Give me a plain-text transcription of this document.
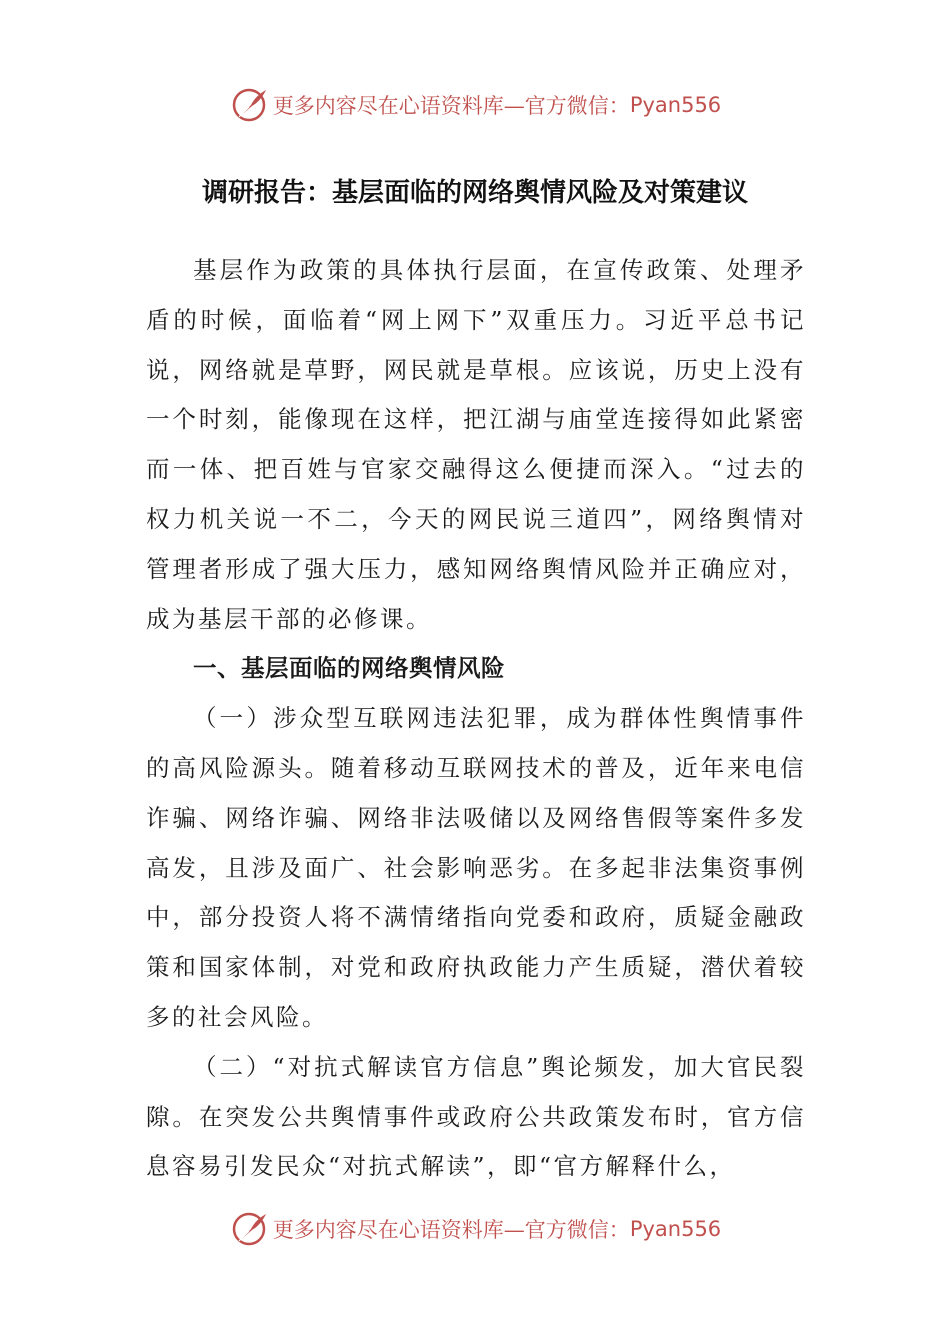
更多内容尽在心语资料库—官方微信： Pyan556
调研报告：基层面临的网络舆情风险及对策建议

基层作为政策的具体执行层面，在宣传政策、处理矛盾的时候，面临着“网上网下”双重压力。习近平总书记说，网络就是草野，网民就是草根。应该说，历史上没有一个时刻，能像现在这样，把江湖与庙堂连接得如此紧密而一体、把百姓与官家交融得这么便捷而深入。“过去的权力机关说一不二，今天的网民说三道四”，网络舆情对管理者形成了强大压力，感知网络舆情风险并正确应对，成为基层干部的必修课。

一、基层面临的网络舆情风险

（一）涉众型互联网违法犯罪，成为群体性舆情事件的高风险源头。随着移动互联网技术的普及，近年来电信诈骗、网络诈骗、网络非法吸储以及网络售假等案件多发高发，且涉及面广、社会影响恶劣。在多起非法集资事例中，部分投资人将不满情绪指向党委和政府，质疑金融政策和国家体制，对党和政府执政能力产生质疑，潜伏着较多的社会风险。

（二）“对抗式解读官方信息”舆论频发，加大官民裂隙。在突发公共舆情事件或政府公共政策发布时，官方信息容易引发民众“对抗式解读”，即“官方解释什么，

更多内容尽在心语资料库—官方微信： Pyan556
